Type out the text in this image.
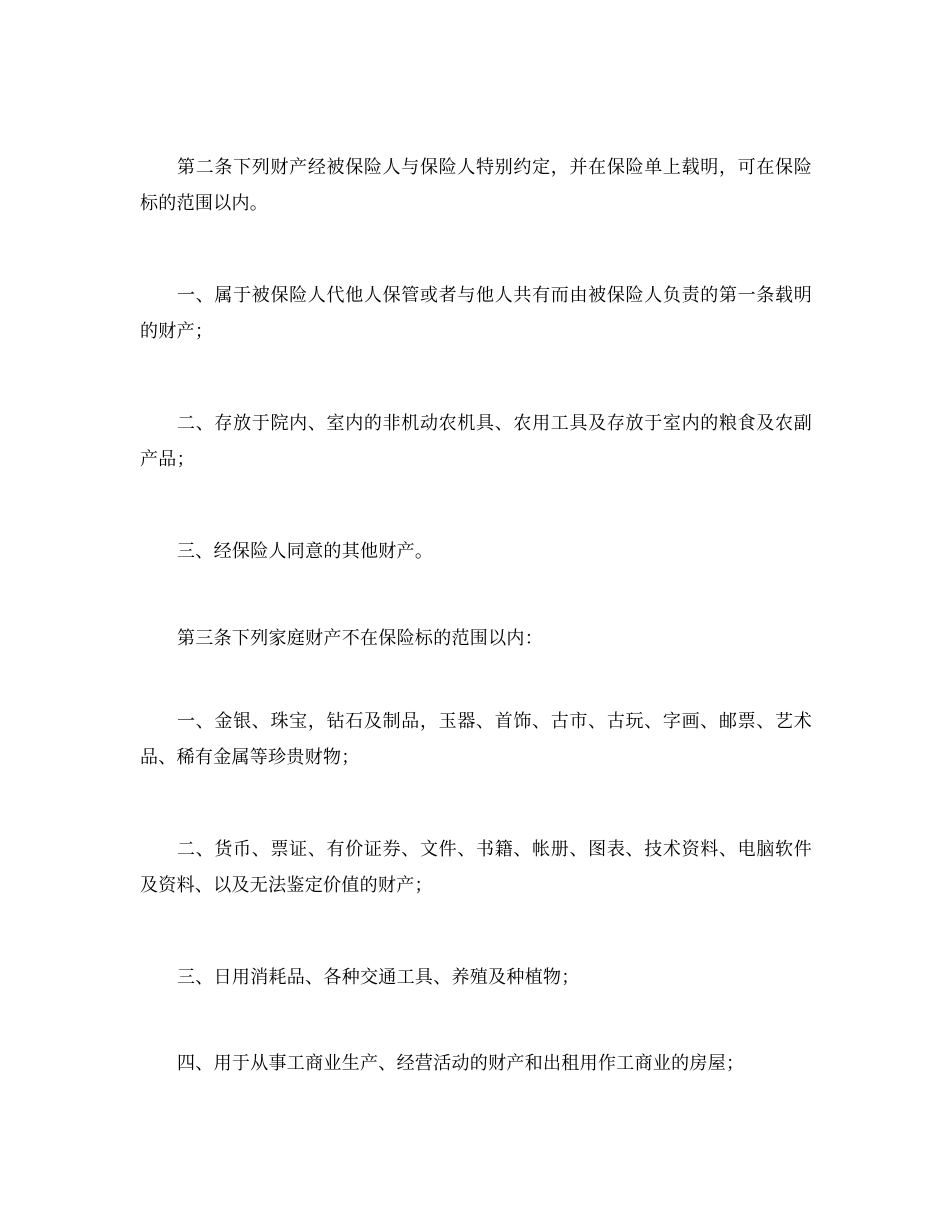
第二条下列财产经被保险人与保险人特别约定，并在保险单上载明，可在保险标的范围以内。

一、属于被保险人代他人保管或者与他人共有而由被保险人负责的第一条载明的财产；

二、存放于院内、室内的非机动农机具、农用工具及存放于室内的粮食及农副产品；

三、经保险人同意的其他财产。

第三条下列家庭财产不在保险标的范围以内：

一、金银、珠宝，钻石及制品，玉器、首饰、古市、古玩、字画、邮票、艺术品、稀有金属等珍贵财物；

二、货币、票证、有价证券、文件、书籍、帐册、图表、技术资料、电脑软件及资料、以及无法鉴定价值的财产；

三、日用消耗品、各种交通工具、养殖及种植物；

四、用于从事工商业生产、经营活动的财产和出租用作工商业的房屋；
